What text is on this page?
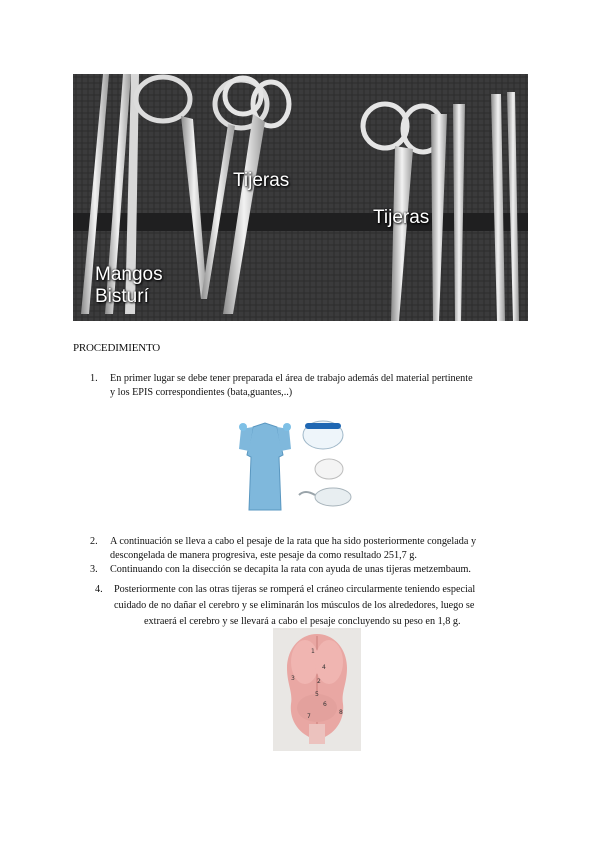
Tijeras
Tijeras
Mangos
Bisturí
PROCEDIMIENTO
1. En primer lugar se debe tener preparada el área de trabajo además del material pertinente
y los EPIS correspondientes (bata,guantes,..)
2. A continuación se lleva a cabo el pesaje de la rata que ha sido posteriormente congelada y
descongelada de manera progresiva, este pesaje da como resultado 251,7 g.
3. Continuando con la disección se decapita la rata con ayuda de unas tijeras metzembaum.
4.	Posteriormente con las otras tijeras se romperá el cráneo circularmente teniendo especial
cuidado de no dañar el cerebro y se eliminarán los músculos de los alrededores, luego se
extraerá el cerebro y se llevará a cabo el pesaje concluyendo su peso en 1,8 g.
1
2
3
4
5
6
7
8
